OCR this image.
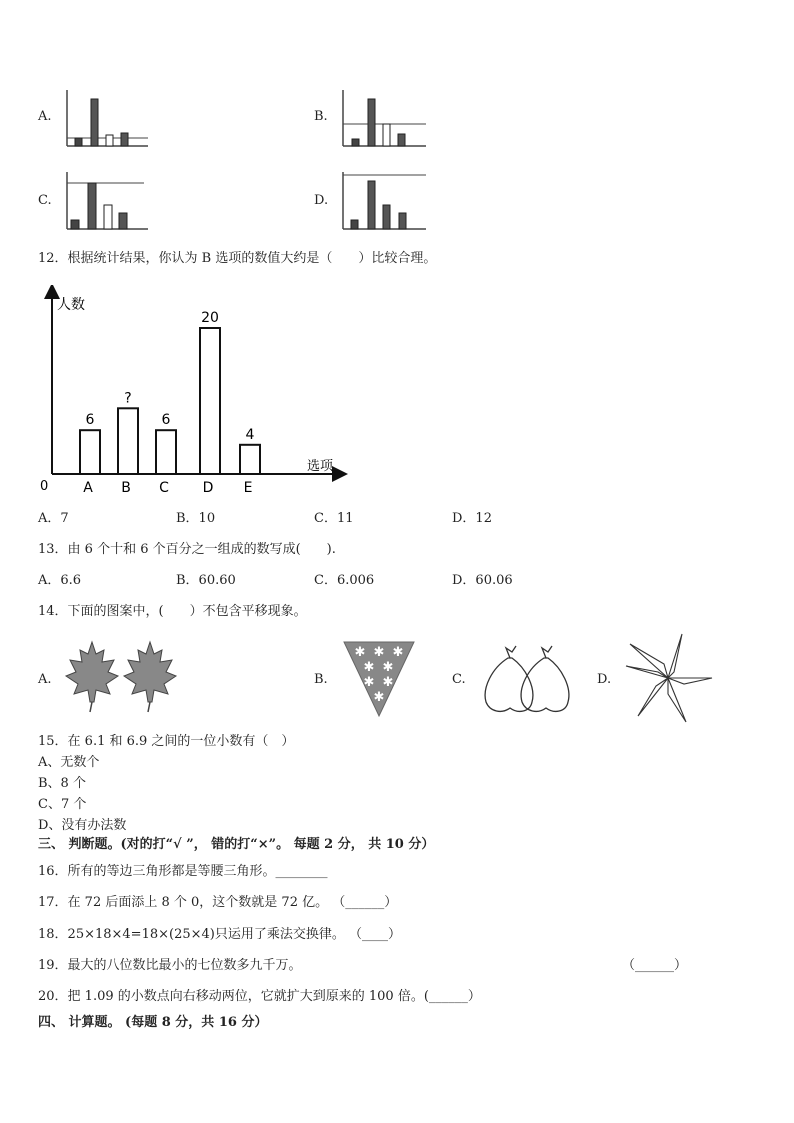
A.	B.
C.	D.
12．根据统计结果，你认为 B 选项的数值大约是（　　）比较合理。
人数
选项
0
6
A
?
B
6
C
20
D
4
E
A．7	B．10	C．11	D．12
13．由 6 个十和 6 个百分之一组成的数写成(　　).
A．6.6	B．60.60	C．6.006	D．60.06
14．下面的图案中，(　　）不包含平移现象。
A.	B.
✱ ✱ ✱
✱ ✱
✱ ✱
✱
C.	D.
15．在 6.1 和 6.9 之间的一位小数有（　）
A、无数个
B、8 个
C、7 个
D、没有办法数
三、 判断题。(对的打“√ ”， 错的打“×”。 每题 2 分， 共 10 分）
16．所有的等边三角形都是等腰三角形。________
17．在 72 后面添上 8 个 0，这个数就是 72 亿。 （______）
18．25×18×4=18×(25×4)只运用了乘法交换律。 （____）
19．最大的八位数比最小的七位数多九千万。	（______）
20．把 1.09 的小数点向右移动两位，它就扩大到原来的 100 倍。(______）
四、 计算题。 (每题 8 分，共 16 分）
